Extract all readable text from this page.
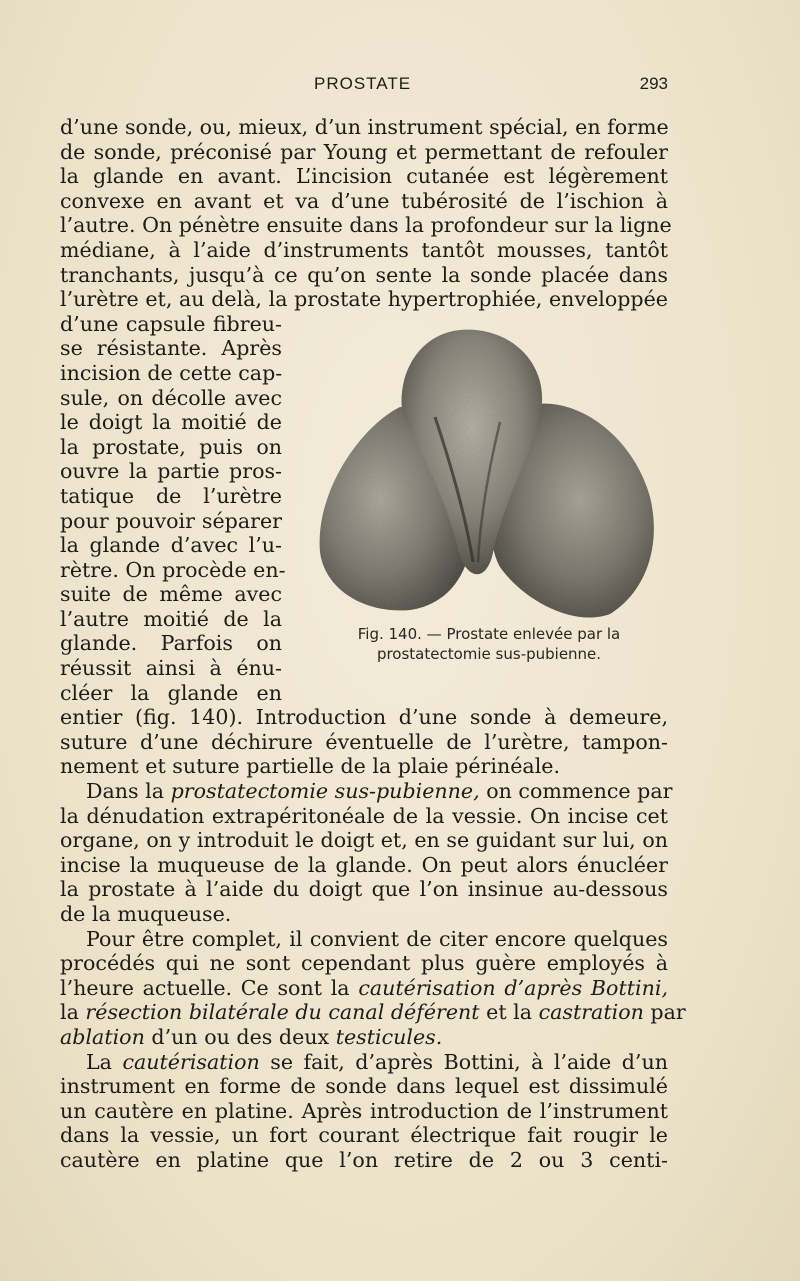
PROSTATE	293
d’une sonde, ou, mieux, d’un instrument spécial, en forme
de sonde, préconisé par Young et permettant de refouler
la glande en avant. L’incision cutanée est légèrement
convexe en avant et va d’une tubérosité de l’ischion à
l’autre. On pénètre ensuite dans la profondeur sur la ligne
médiane, à l’aide d’instruments tantôt mousses, tantôt
tranchants, jusqu’à ce qu’on sente la sonde placée dans
l’urètre et, au delà, la prostate hypertrophiée, enveloppée
d’une capsule fibreu-
se résistante. Après
incision de cette cap-
sule, on décolle avec
le doigt la moitié de
la prostate, puis on
ouvre la partie pros-
tatique de l’urètre
pour pouvoir séparer
la glande d’avec l’u-
rètre. On procède en-
suite de même avec
l’autre moitié de la
glande. Parfois on
réussit ainsi à énu-
cléer la glande en
entier (fig. 140). Introduction d’une sonde à demeure,
suture d’une déchirure éventuelle de l’urètre, tampon-
nement et suture partielle de la plaie périnéale.
Dans la prostatectomie sus-pubienne, on commence par
la dénudation extrapéritonéale de la vessie. On incise cet
organe, on y introduit le doigt et, en se guidant sur lui, on
incise la muqueuse de la glande. On peut alors énucléer
la prostate à l’aide du doigt que l’on insinue au-dessous
de la muqueuse.
Pour être complet, il convient de citer encore quelques
procédés qui ne sont cependant plus guère employés à
l’heure actuelle. Ce sont la cautérisation d’après Bottini,
la résection bilatérale du canal déférent et la castration par
ablation d’un ou des deux testicules.
La cautérisation se fait, d’après Bottini, à l’aide d’un
instrument en forme de sonde dans lequel est dissimulé
un cautère en platine. Après introduction de l’instrument
dans la vessie, un fort courant électrique fait rougir le
cautère en platine que l’on retire de 2 ou 3 centi-
Fig. 140. — Prostate enlevée par la
prostatectomie sus-pubienne.
